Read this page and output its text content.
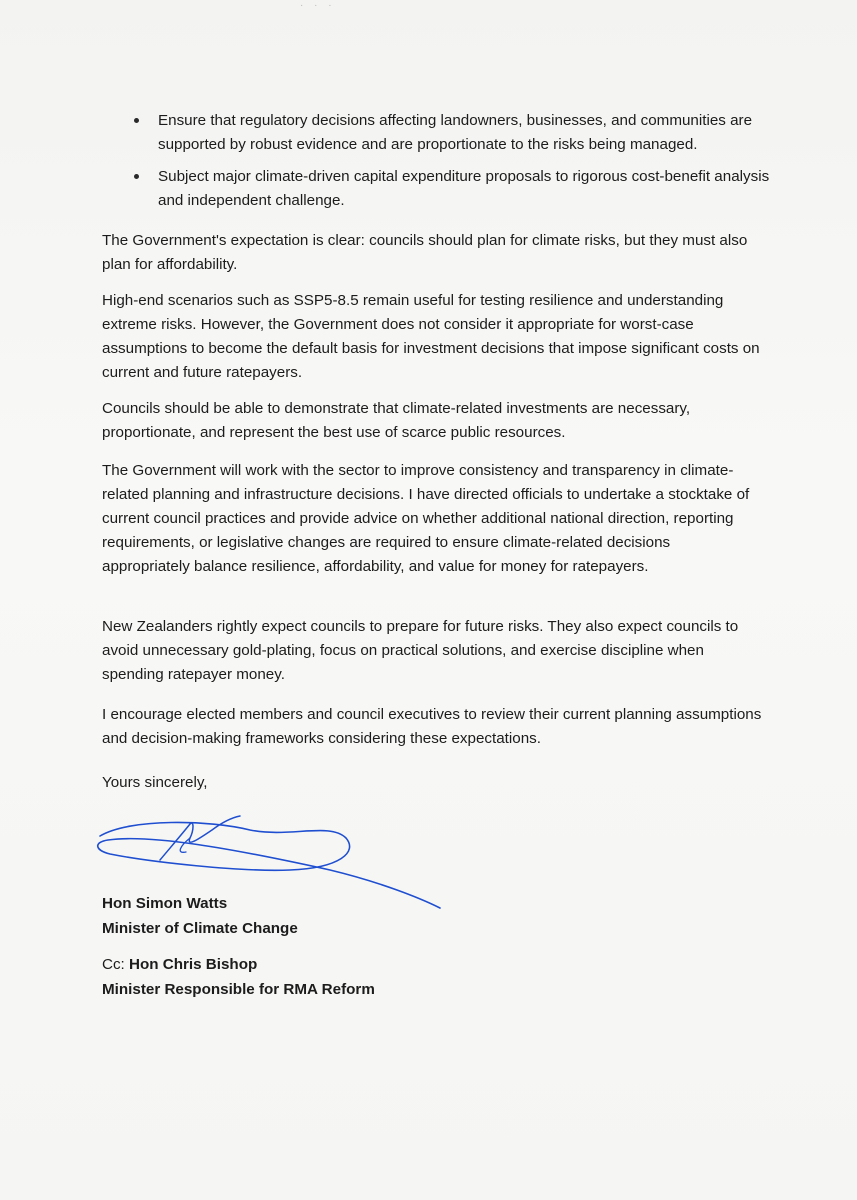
· · ·
Ensure that regulatory decisions affecting landowners, businesses, and communities are supported by robust evidence and are proportionate to the risks being managed.
Subject major climate-driven capital expenditure proposals to rigorous cost-benefit analysis and independent challenge.

The Government's expectation is clear: councils should plan for climate risks, but they must also plan for affordability.

High-end scenarios such as SSP5-8.5 remain useful for testing resilience and understanding extreme risks. However, the Government does not consider it appropriate for worst-case assumptions to become the default basis for investment decisions that impose significant costs on current and future ratepayers.

Councils should be able to demonstrate that climate-related investments are necessary, proportionate, and represent the best use of scarce public resources.

The Government will work with the sector to improve consistency and transparency in climate-related planning and infrastructure decisions. I have directed officials to undertake a stocktake of current council practices and provide advice on whether additional national direction, reporting requirements, or legislative changes are required to ensure climate-related decisions appropriately balance resilience, affordability, and value for money for ratepayers.

New Zealanders rightly expect councils to prepare for future risks. They also expect councils to avoid unnecessary gold-plating, focus on practical solutions, and exercise discipline when spending ratepayer money.

I encourage elected members and council executives to review their current planning assumptions and decision-making frameworks considering these expectations.

Yours sincerely,

Hon Simon Watts

Minister of Climate Change

Cc: Hon Chris Bishop

Minister Responsible for RMA Reform
